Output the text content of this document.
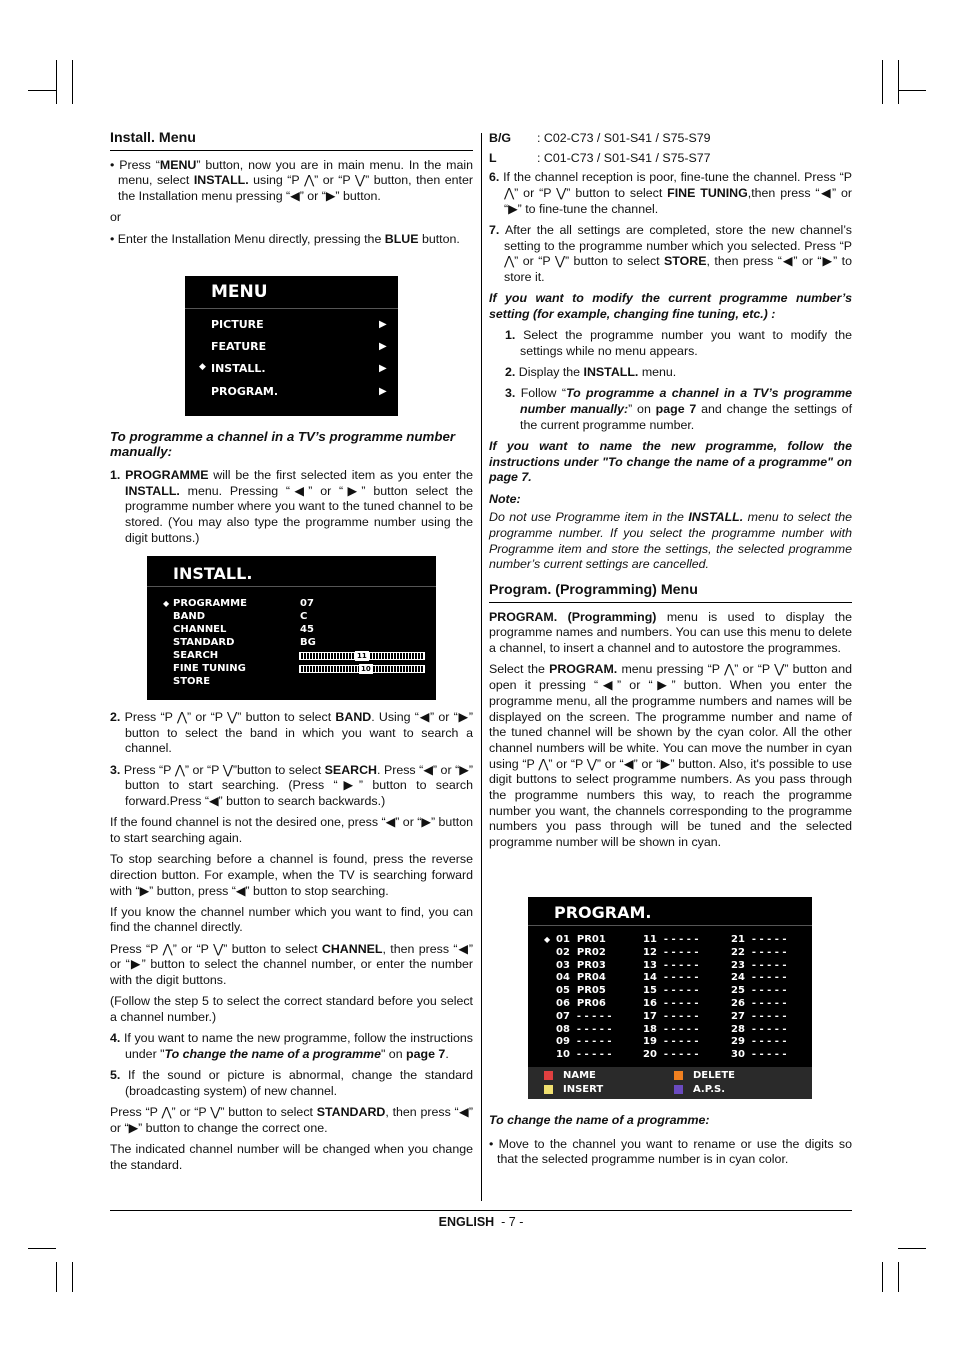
Install. Menu

• Press “MENU” button, now you are in main menu. In the main menu, select INSTALL. using “P ⋀” or “P ⋁” button, then enter the Installation menu pressing “◀” or “▶” button.

or

• Enter the Installation Menu directly, pressing the BLUE button.

MENU
PICTURE
FEATURE
◆ INSTALL.
PROGRAM.
▶
▶
▶
▶

To programme a channel in a TV’s programme number manually:

1. PROGRAMME will be the first selected item as you enter the INSTALL. menu. Pressing “◀” or “▶” button select the programme number where you want to the tuned channel to be stored. (You may also type the programme number using the digit buttons.)

INSTALL.
◆ PROGRAMME
BAND
CHANNEL
STANDARD
SEARCH
FINE TUNING
STORE
07
C
45
BG
11
10

2. Press “P ⋀” or “P ⋁” button to select BAND. Using “◀” or “▶” button to select the band in which you want to search a channel.

3. Press “P ⋀” or “P ⋁”button to select SEARCH. Press “◀” or “▶” button to start searching. (Press “▶” button to search forward.Press “◀” button to search backwards.)

If the found channel is not the desired one, press “◀” or “▶” button to start searching again.

To stop searching before a channel is found, press the reverse direction button. For example, when the TV is searching forward with “▶” button, press “◀” button to stop searching.

If you know the channel number which you want to find, you can find the channel directly.

Press “P ⋀” or “P ⋁” button to select CHANNEL, then press “◀” or “▶” button to select the channel number, or enter the number with the digit buttons.

(Follow the step 5 to select the correct standard before you select a channel number.)

4. If you want to name the new programme, follow the instructions under "To change the name of a programme" on page 7.

5. If the sound or picture is abnormal, change the standard (broadcasting system) of new channel.

Press “P ⋀” or “P ⋁” button to select STANDARD, then press “◀” or “▶” button to change the correct one.

The indicated channel number will be changed when you change the standard.

B/G : C02-C73 / S01-S41 / S75-S79

L	: C01-C73 / S01-S41 / S75-S77

6. If the channel reception is poor, fine-tune the channel. Press “P ⋀” or “P ⋁” button to select FINE TUNING,then press “◀” or “▶” to fine-tune the channel.

7. After the all settings are completed, store the new channel’s setting to the programme number which you selected. Press “P ⋀” or “P ⋁” button to select STORE, then press “◀” or “▶” to store it.

If you want to modify the current programme number’s setting (for example, changing fine tuning, etc.) :

1. Select the programme number you want to modify the settings while no menu appears.

2. Display the INSTALL. menu.

3. Follow “To programme a channel in a TV’s programme number manually:” on page 7 and change the settings of the current programme number.

If you want to name the new programme, follow the instructions under "To change the name of a programme" on page 7.

Note:

Do not use Programme item in the INSTALL. menu to select the programme number. If you select the programme number with Programme item and store the settings, the selected programme number’s current settings are cancelled.

Program. (Programming) Menu

PROGRAM. (Programming) menu is used to display the programme names and numbers. You can use this menu to delete a channel, to insert a channel and to autostore the programmes.

Select the PROGRAM. menu pressing “P ⋀” or “P ⋁” button and open it pressing “◀” or “▶” button. When you enter the programme menu, all the programme numbers and names will be displayed on the screen. The programme number and name of the tuned channel will be shown by the cyan color. All the other channel numbers will be white. You can move the number in cyan using “P ⋀” or “P ⋁” or “◀” or “▶” button. Also, it's possible to use digit buttons to select programme numbers. As you pass through the programme numbers this way, to reach the programme number you want, the channels corresponding to the programme numbers you pass through will be tuned and the selected programme number will be shown in cyan.

PROGRAM.
◆ 01  PR01
02  PR02
03  PR03
04  PR04
05  PR05
06  PR06
07  - - - - -
08  - - - - -
09  - - - - -
10  - - - - -
11  - - - - -
12  - - - - -
13  - - - - -
14  - - - - -
15  - - - - -
16  - - - - -
17  - - - - -
18  - - - - -
19  - - - - -
20  - - - - -
21  - - - - -
22  - - - - -
23  - - - - -
24  - - - - -
25  - - - - -
26  - - - - -
27  - - - - -
28  - - - - -
29  - - - - -
30  - - - - -
NAME
INSERT
DELETE
A.P.S.

To change the name of a programme:

• Move to the channel you want to rename or use the digits so that the selected programme number is in cyan color.

ENGLISH - 7 -
